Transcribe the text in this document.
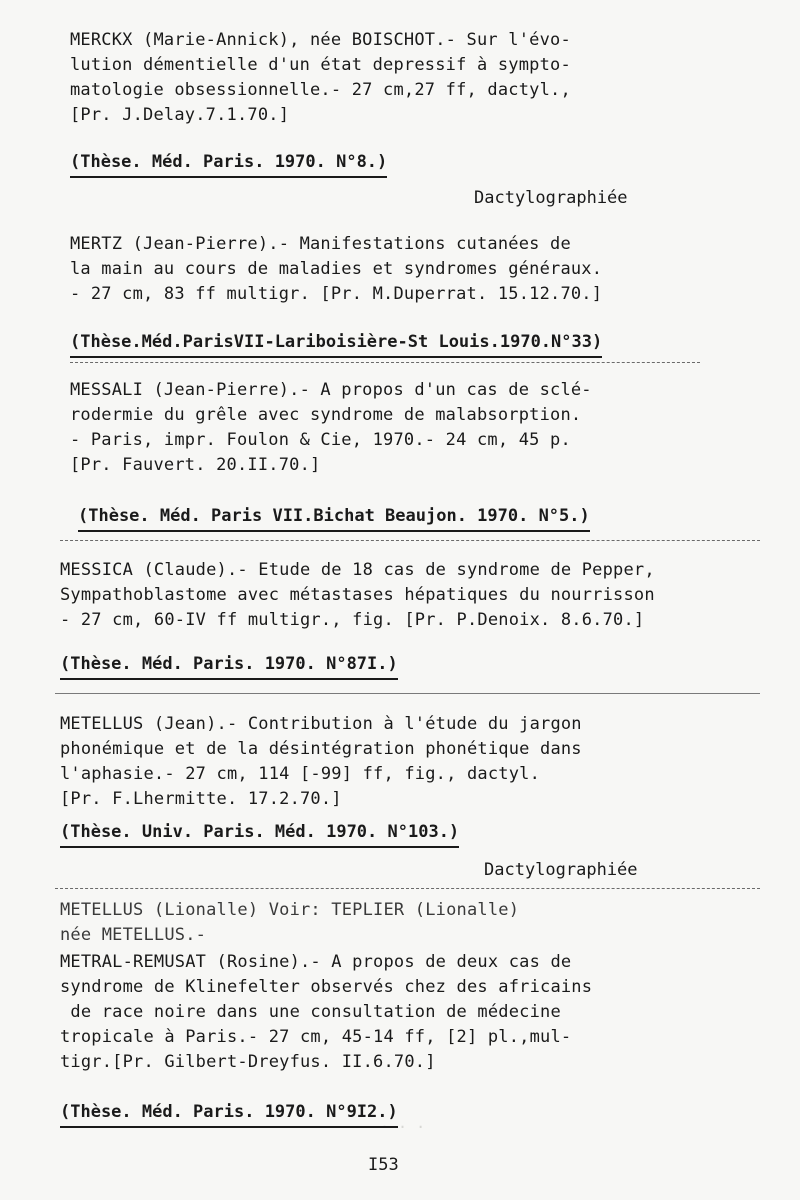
· · ·
MERCKX (Marie-Annick), née BOISCHOT.- Sur l'évo-
lution démentielle d'un état depressif à sympto-
matologie obsessionnelle.- 27 cm,27 ff, dactyl.,
[Pr. J.Delay.7.1.70.]
(Thèse. Méd. Paris. 1970. N°8.)
Dactylographiée
MERTZ (Jean-Pierre).- Manifestations cutanées de
la main au cours de maladies et syndromes généraux.
- 27 cm, 83 ff multigr. [Pr. M.Duperrat. 15.12.70.]
(Thèse.Méd.ParisVII-Lariboisière-St Louis.1970.N°33)
MESSALI (Jean-Pierre).- A propos d'un cas de sclé-
rodermie du grêle avec syndrome de malabsorption.
- Paris, impr. Foulon & Cie, 1970.- 24 cm, 45 p.
[Pr. Fauvert. 20.II.70.]
(Thèse. Méd. Paris VII.Bichat Beaujon. 1970. N°5.)
MESSICA (Claude).- Etude de 18 cas de syndrome de Pepper,
Sympathoblastome avec métastases hépatiques du nourrisson
- 27 cm, 60-IV ff multigr., fig. [Pr. P.Denoix. 8.6.70.]
(Thèse. Méd. Paris. 1970. N°87I.)
METELLUS (Jean).- Contribution à l'étude du jargon
phonémique et de la désintégration phonétique dans
l'aphasie.- 27 cm, 114 [-99] ff, fig., dactyl.
[Pr. F.Lhermitte. 17.2.70.]
(Thèse. Univ. Paris. Méd. 1970. N°103.)
Dactylographiée
METELLUS (Lionalle) Voir: TEPLIER (Lionalle)
née METELLUS.-
METRAL-REMUSAT (Rosine).- A propos de deux cas de
syndrome de Klinefelter observés chez des africains
de race noire dans une consultation de médecine
tropicale à Paris.- 27 cm, 45-14 ff, [2] pl.,mul-
tigr.[Pr. Gilbert-Dreyfus. II.6.70.]
(Thèse. Méd. Paris. 1970. N°9I2.)
I53
